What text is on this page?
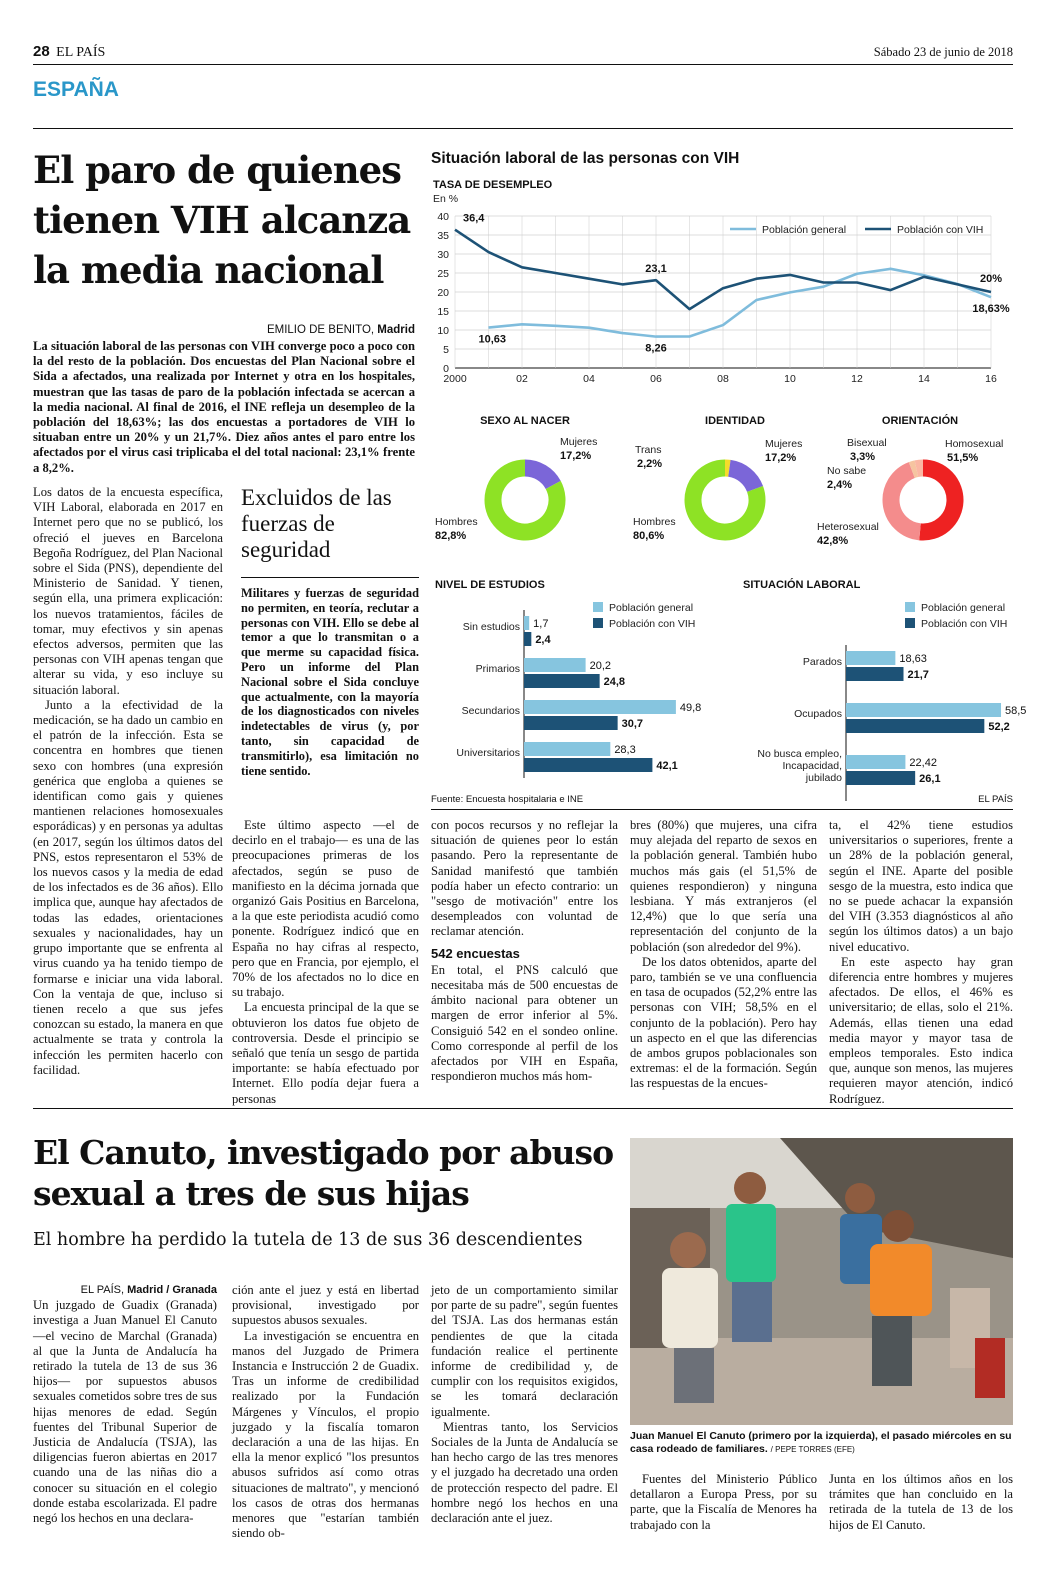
28 EL PAÍS	Sábado 23 de junio de 2018
ESPAÑA
El paro de quienes tienen VIH alcanza la media nacional
EMILIO DE BENITO, Madrid
La situación laboral de las personas con VIH converge poco a poco con la del resto de la población. Dos encuestas del Plan Nacional sobre el Sida a afectados, una realizada por Internet y otra en los hospitales, muestran que las tasas de paro de la población infectada se acercan a la media nacional. Al final de 2016, el INE refleja un desempleo de la población del 18,63%; las dos encuestas a portadores de VIH lo situaban entre un 20% y un 21,7%. Diez años antes el paro entre los afectados por el virus casi triplicaba el del total nacional: 23,1% frente a 8,2%.

Los datos de la encuesta específica, VIH Laboral, elaborada en 2017 en Internet pero que no se publicó, los ofreció el jueves en Barcelona Begoña Rodríguez, del Plan Nacional sobre el Sida (PNS), dependiente del Ministerio de Sanidad. Y tienen, según ella, una primera explicación: los nuevos tratamientos, fáciles de tomar, muy efectivos y sin apenas efectos adversos, permiten que las personas con VIH apenas tengan que alterar su vida, y eso incluye su situación laboral.

Junto a la efectividad de la medicación, se ha dado un cambio en el patrón de la infección. Esta se concentra en hombres que tienen sexo con hombres (una expresión genérica que engloba a quienes se identifican como gais y quienes mantienen relaciones homosexuales esporádicas) y en personas ya adultas (en 2017, según los últimos datos del PNS, estos representaron el 53% de los nuevos casos y la media de edad de los infectados es de 36 años). Ello implica que, aunque hay afectados de todas las edades, orientaciones sexuales y nacionalidades, hay un grupo importante que se enfrenta al virus cuando ya ha tenido tiempo de formarse e iniciar una vida laboral. Con la ventaja de que, incluso si tienen recelo a que sus jefes conozcan su estado, la manera en que actualmente se trata y controla la infección les permiten hacerlo con facilidad.

Excluidos de las fuerzas de seguridad
Militares y fuerzas de seguridad no permiten, en teoría, reclutar a personas con VIH. Ello se debe al temor a que lo transmitan o a que merme su capacidad física. Pero un informe del Plan Nacional sobre el Sida concluye que actualmente, con la mayoría de los diagnosticados con niveles indetectables de virus (y, por tanto, sin capacidad de transmitirlo), esa limitación no tiene sentido.

Este último aspecto —el de decirlo en el trabajo— es una de las preocupaciones primeras de los afectados, según se puso de manifiesto en la décima jornada que organizó Gais Positius en Barcelona, a la que este periodista acudió como ponente. Rodríguez indicó que en España no hay cifras al respecto, pero que en Francia, por ejemplo, el 70% de los afectados no lo dice en su trabajo.

La encuesta principal de la que se obtuvieron los datos fue objeto de controversia. Desde el principio se señaló que tenía un sesgo de partida importante: se había efectuado por Internet. Ello podía dejar fuera a personas

con pocos recursos y no reflejar la situación de quienes peor lo están pasando. Pero la representante de Sanidad manifestó que también podía haber un efecto contrario: un "sesgo de motivación" entre los desempleados con voluntad de reclamar atención.

542 encuestas

En total, el PNS calculó que necesitaba más de 500 encuestas de ámbito nacional para obtener un margen de error inferior al 5%. Consiguió 542 en el sondeo online. Como corresponde al perfil de los afectados por VIH en España, respondieron muchos más hom-

bres (80%) que mujeres, una cifra muy alejada del reparto de sexos en la población general. También hubo muchos más gais (el 51,5% de quienes respondieron) y ninguna lesbiana. Y más extranjeros (el 12,4%) que lo que sería una representación del conjunto de la población (son alrededor del 9%).

De los datos obtenidos, aparte del paro, también se ve una confluencia en tasa de ocupados (52,2% entre las personas con VIH; 58,5% en el conjunto de la población). Pero hay un aspecto en el que las diferencias de ambos grupos poblacionales son extremas: el de la formación. Según las respuestas de la encues-

ta, el 42% tiene estudios universitarios o superiores, frente a un 28% de la población general, según el INE. Aparte del posible sesgo de la muestra, esto indica que no se puede achacar la expansión del VIH (3.353 diagnósticos al año según los últimos datos) a un bajo nivel educativo.

En este aspecto hay gran diferencia entre hombres y mujeres afectados. De ellos, el 46% es universitario; de ellas, solo el 21%. Además, ellas tienen una edad media mayor y mayor tasa de empleos temporales. Esto indica que, aunque son menos, las mujeres requieren mayor atención, indicó Rodríguez.

Situación laboral de las personas con VIH
TASA DE DESEMPLEO
En %
0
5
10
15
20
25
30
35
40
2000	02	04	06	08	10	12	14	16
Población general	Población con VIH
36,4
10,63
23,1
8,26
20%
18,63%
SEXO AL NACER	IDENTIDAD	ORIENTACIÓN
Mujeres
17,2%
Hombres
82,8%
Trans
2,2%
Mujeres
17,2%
Hombres
80,6%
Homosexual
51,5%
Heterosexual
42,8%
No sabe
2,4%
Bisexual
3,3%
NIVEL DE ESTUDIOS
Población general
Población con VIH
Sin estudios 1,7
2,4
Primarios	20,2
24,8
Secundarios	49,8
30,7
Universitarios	28,3
42,1
SITUACIÓN LABORAL
Población general
Población con VIH
Parados	18,63
21,7
Ocupados	58,5
52,2
No busca empleo,
Incapacidad,
jubilado
22,42
26,1
Fuente: Encuesta hospitalaria e INE	EL PAÍS
El Canuto, investigado por abuso sexual a tres de sus hijas
El hombre ha perdido la tutela de 13 de sus 36 descendientes
EL PAÍS, Madrid / Granada

Un juzgado de Guadix (Granada) investiga a Juan Manuel El Canuto —el vecino de Marchal (Granada) al que la Junta de Andalucía ha retirado la tutela de 13 de sus 36 hijos— por supuestos abusos sexuales cometidos sobre tres de sus hijas menores de edad. Según fuentes del Tribunal Superior de Justicia de Andalucía (TSJA), las diligencias fueron abiertas en 2017 cuando una de las niñas dio a conocer su situación en el colegio donde estaba escolarizada. El padre negó los hechos en una declara-

ción ante el juez y está en libertad provisional, investigado por supuestos abusos sexuales.

La investigación se encuentra en manos del Juzgado de Primera Instancia e Instrucción 2 de Guadix. Tras un informe de credibilidad realizado por la Fundación Márgenes y Vínculos, el propio juzgado y la fiscalía tomaron declaración a una de las hijas. En ella la menor explicó "los presuntos abusos sufridos así como otras situaciones de maltrato", y mencionó los casos de otras dos hermanas menores que "estarían también siendo ob-

jeto de un comportamiento similar por parte de su padre", según fuentes del TSJA. Las dos hermanas están pendientes de que la citada fundación realice el pertinente informe de credibilidad y, de cumplir con los requisitos exigidos, se les tomará declaración igualmente.

Mientras tanto, los Servicios Sociales de la Junta de Andalucía se han hecho cargo de las tres menores y el juzgado ha decretado una orden de protección respecto del padre. El hombre negó los hechos en una declaración ante el juez.

Juan Manuel El Canuto (primero por la izquierda), el pasado miércoles en su casa rodeado de familiares. / PEPE TORRES (EFE)

Fuentes del Ministerio Público detallaron a Europa Press, por su parte, que la Fiscalía de Menores ha trabajado con la

Junta en los últimos años en los trámites que han concluido en la retirada de la tutela de 13 de los hijos de El Canuto.
